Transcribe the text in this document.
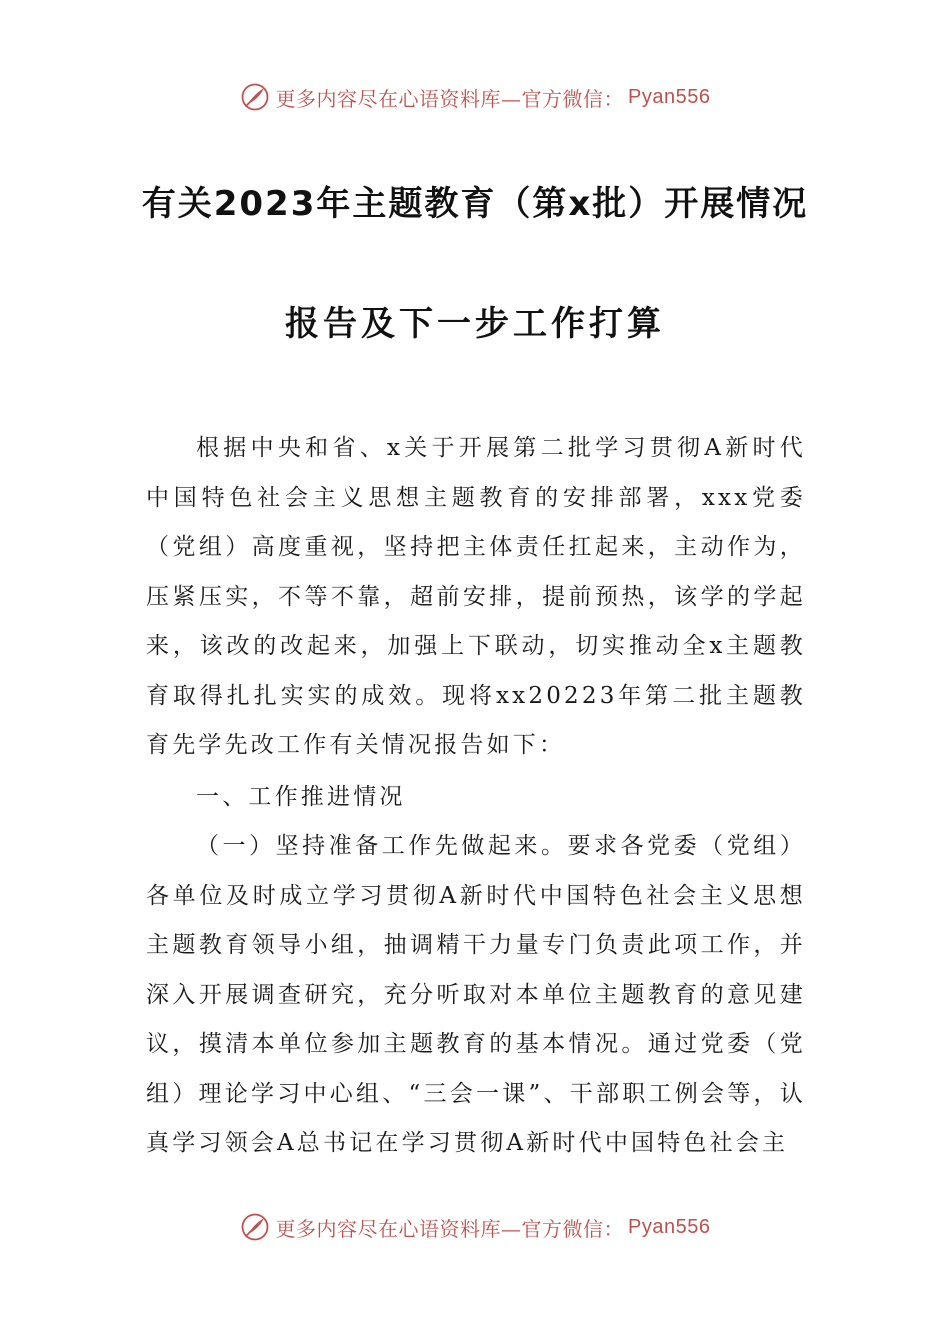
更多内容尽在心语资料库—官方微信： Pyan556
有关2023年主题教育（第x批）开展情况
报告及下一步工作打算

根据中央和省、x关于开展第二批学习贯彻A新时代中国特色社会主义思想主题教育的安排部署，xxx党委（党组）高度重视，坚持把主体责任扛起来，主动作为，压紧压实，不等不靠，超前安排，提前预热，该学的学起来，该改的改起来，加强上下联动，切实推动全x主题教育取得扎扎实实的成效。现将xx20223年第二批主题教育先学先改工作有关情况报告如下：

一、工作推进情况

（一）坚持准备工作先做起来。要求各党委（党组）各单位及时成立学习贯彻A新时代中国特色社会主义思想主题教育领导小组，抽调精干力量专门负责此项工作，并深入开展调查研究，充分听取对本单位主题教育的意见建议，摸清本单位参加主题教育的基本情况。通过党委（党组）理论学习中心组、“三会一课”、干部职工例会等，认真学习领会A总书记在学习贯彻A新时代中国特色社会主

更多内容尽在心语资料库—官方微信： Pyan556
